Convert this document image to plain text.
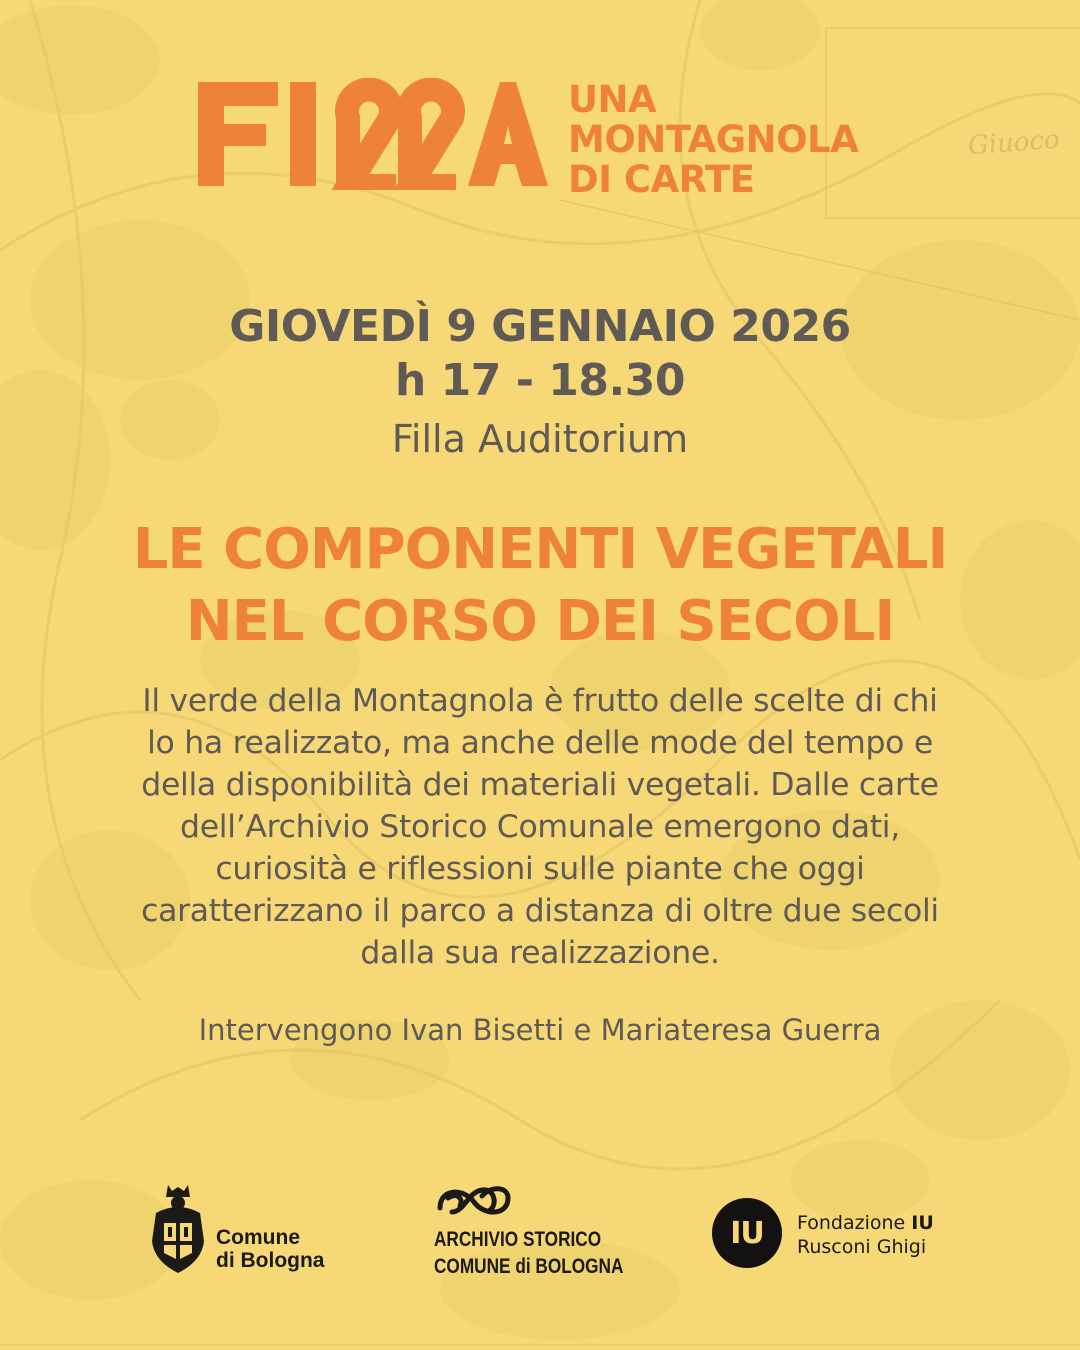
UNA
MONTAGNOLA
DI CARTE
Giuoco
GIOVEDÌ 9 GENNAIO 2026
h 17 - 18.30
Filla Auditorium
LE COMPONENTI VEGETALI
NEL CORSO DEI SECOLI
Il verde della Montagnola è frutto delle scelte di chi
lo ha realizzato, ma anche delle mode del tempo e
della disponibilità dei materiali vegetali. Dalle carte
dell’Archivio Storico Comunale emergono dati,
curiosità e riflessioni sulle piante che oggi
caratterizzano il parco a distanza di oltre due secoli
dalla sua realizzazione.
Intervengono Ivan Bisetti e Mariateresa Guerra
Comune
di Bologna
ARCHIVIO STORICO
COMUNE di BOLOGNA
IU	Fondazione IU
Rusconi Ghigi
